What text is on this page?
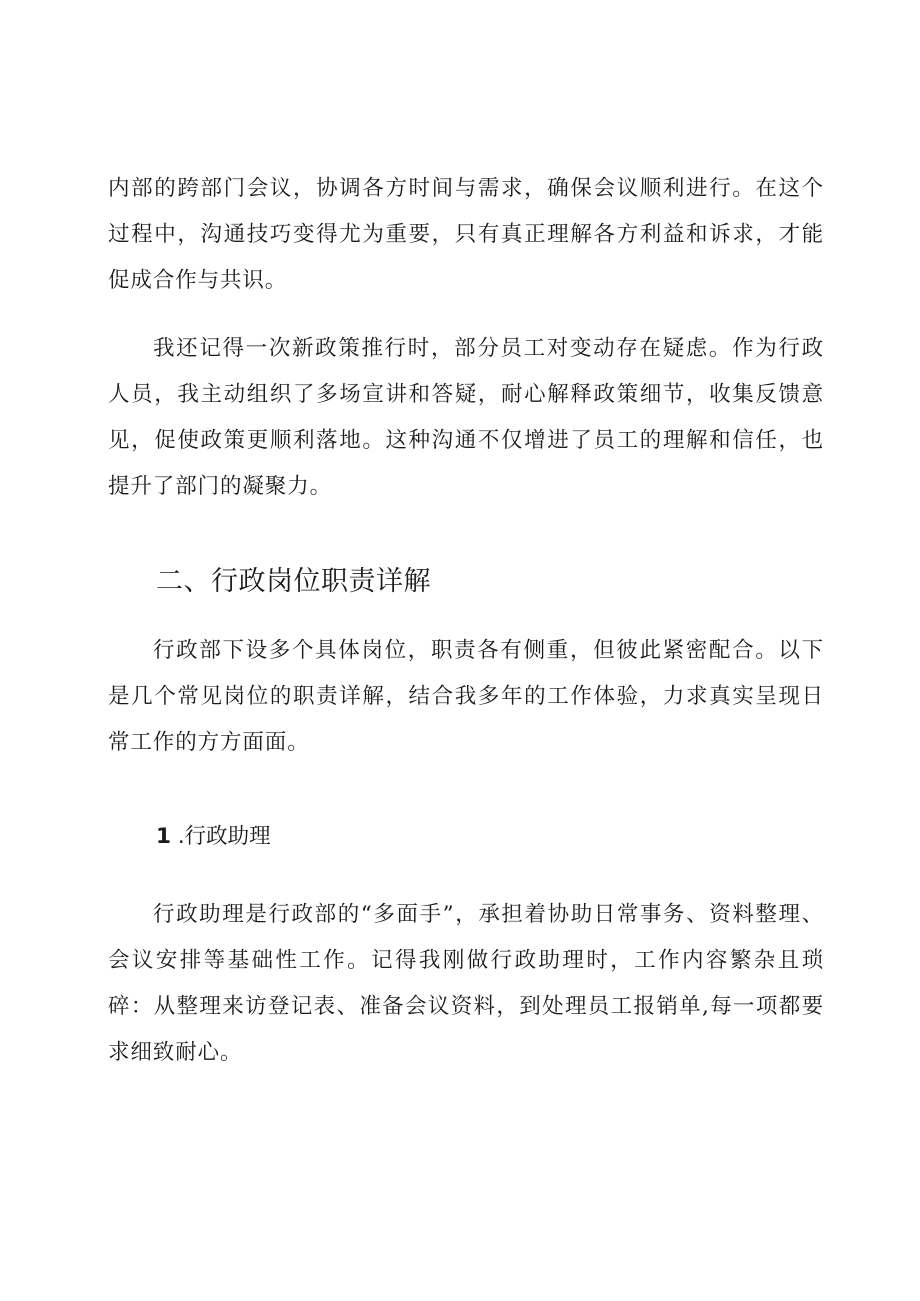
内部的跨部门会议，协调各方时间与需求，确保会议顺利进行。在这个过程中，沟通技巧变得尤为重要，只有真正理解各方利益和诉求，才能促成合作与共识。

我还记得一次新政策推行时，部分员工对变动存在疑虑。作为行政人员，我主动组织了多场宣讲和答疑，耐心解释政策细节，收集反馈意见，促使政策更顺利落地。这种沟通不仅增进了员工的理解和信任，也提升了部门的凝聚力。

二、行政岗位职责详解

行政部下设多个具体岗位，职责各有侧重，但彼此紧密配合。以下是几个常见岗位的职责详解，结合我多年的工作体验，力求真实呈现日常工作的方方面面。

1 .行政助理

行政助理是行政部的“多面手”，承担着协助日常事务、资料整理、会议安排等基础性工作。记得我刚做行政助理时，工作内容繁杂且琐碎：从整理来访登记表、准备会议资料，到处理员工报销单,每一项都要求细致耐心。
